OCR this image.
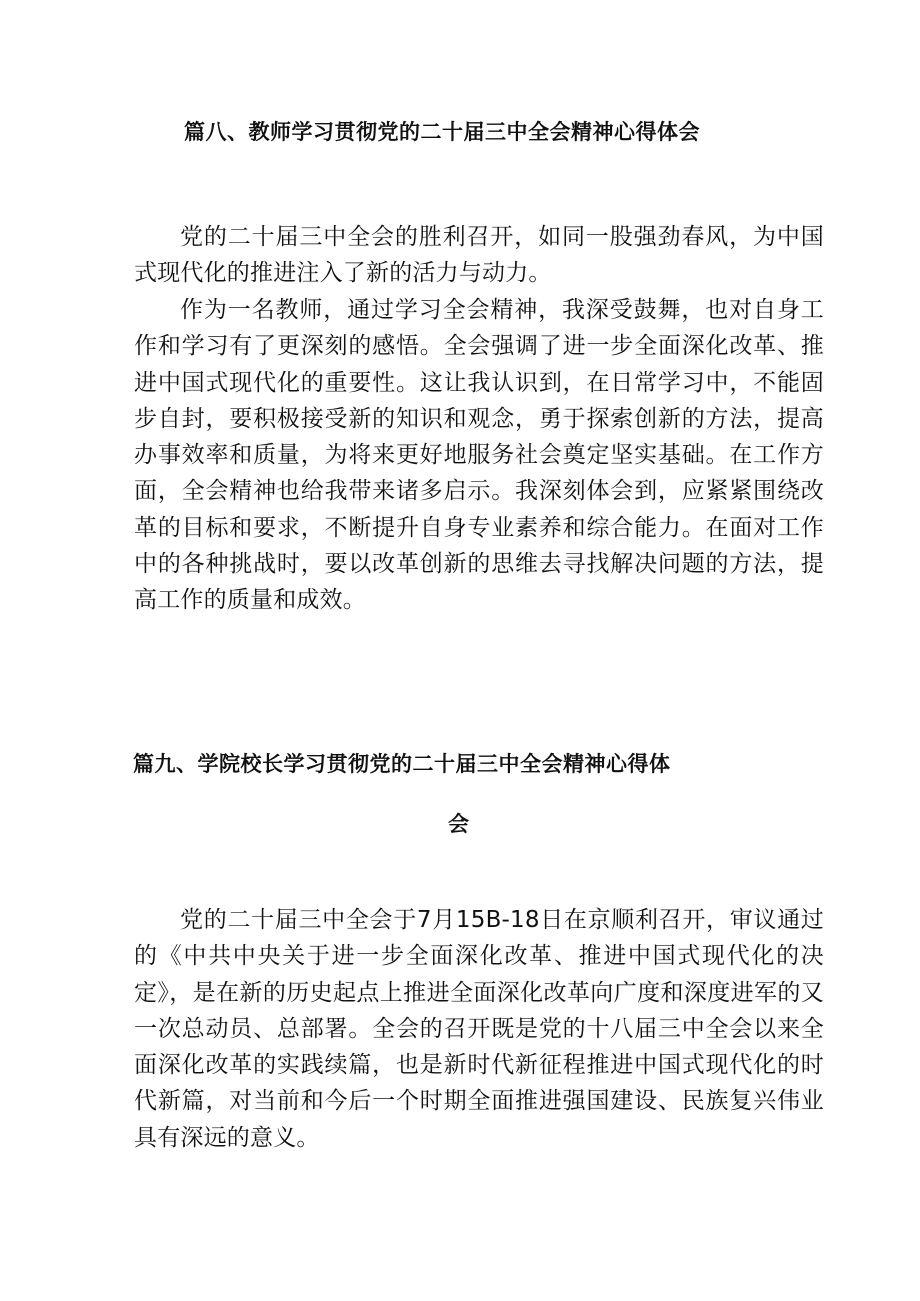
篇八、教师学习贯彻党的二十届三中全会精神心得体会

党的二十届三中全会的胜利召开，如同一股强劲春风，为中国式现代化的推进注入了新的活力与动力。

作为一名教师，通过学习全会精神，我深受鼓舞，也对自身工作和学习有了更深刻的感悟。全会强调了进一步全面深化改革、推进中国式现代化的重要性。这让我认识到，在日常学习中，不能固步自封，要积极接受新的知识和观念，勇于探索创新的方法，提高办事效率和质量，为将来更好地服务社会奠定坚实基础。在工作方面，全会精神也给我带来诸多启示。我深刻体会到，应紧紧围绕改革的目标和要求，不断提升自身专业素养和综合能力。在面对工作中的各种挑战时，要以改革创新的思维去寻找解决问题的方法，提高工作的质量和成效。

篇九、学院校长学习贯彻党的二十届三中全会精神心得体
会

党的二十届三中全会于7月15B-18日在京顺利召开，审议通过的《中共中央关于进一步全面深化改革、推进中国式现代化的决定》，是在新的历史起点上推进全面深化改革向广度和深度进军的又一次总动员、总部署。全会的召开既是党的十八届三中全会以来全面深化改革的实践续篇，也是新时代新征程推进中国式现代化的时代新篇，对当前和今后一个时期全面推进强国建设、民族复兴伟业具有深远的意义。
